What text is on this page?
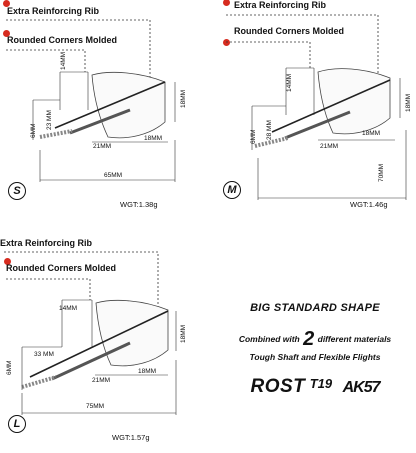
Extra Reinforcing Rib
Rounded Corners Molded
14MM
6MM
23 MM
21MM
18MM
18MM
65MM
S
WGT:1.38g
Extra Reinforcing Rib
Rounded Corners Molded
14MM
6MM 28 MM
21MM
18MM
18MM
70MM
M
WGT:1.46g
Extra Reinforcing Rib
Rounded Corners Molded
14MM
6MM
33 MM
21MM
18MM
18MM
75MM
L
WGT:1.57g
BIG STANDARD SHAPE
Combined with 2 different materials
Tough Shaft and Flexible Flights
ROST $^{T19}$ AK57
